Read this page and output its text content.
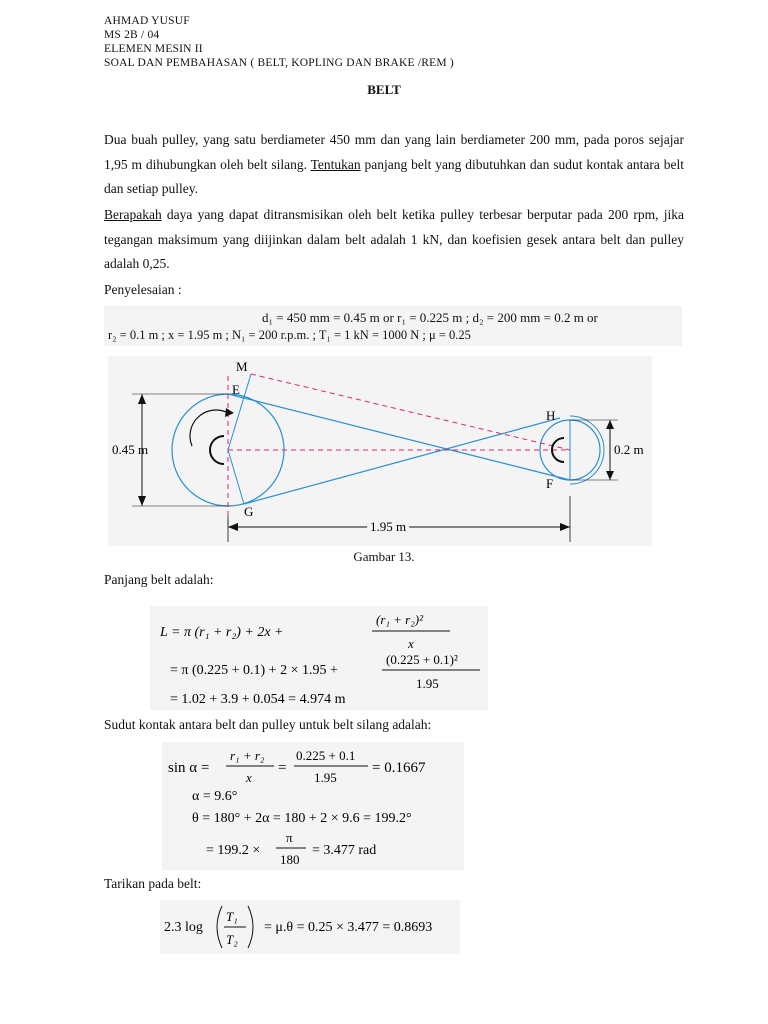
AHMAD YUSUF
MS 2B / 04
ELEMEN MESIN II
SOAL DAN PEMBAHASAN ( BELT, KOPLING DAN BRAKE /REM )
BELT
Dua buah pulley, yang satu berdiameter 450 mm dan yang lain berdiameter 200 mm, pada poros sejajar 1,95 m dihubungkan oleh belt silang. Tentukan panjang belt yang dibutuhkan dan sudut kontak antara belt dan setiap pulley.
Berapakah daya yang dapat ditransmisikan oleh belt ketika pulley terbesar berputar pada 200 rpm, jika tegangan maksimum yang diijinkan dalam belt adalah 1 kN, dan koefisien gesek antara belt dan pulley adalah 0,25.
Penyelesaian :
d₁ = 450 mm = 0.45 m or r₁ = 0.225 m ; d₂ = 200 mm = 0.2 m or
r₂ = 0.1 m ; x = 1.95 m ; N₁ = 200 r.p.m. ; T₁ = 1 kN = 1000 N ; μ = 0.25
M
E
G
H
F
0.45 m	0.2 m
1.95 m
Gambar 13.
Panjang belt adalah:
L = π (r₁ + r₂) + 2x +
(r₁ + r₂)²
x
= π (0.225 + 0.1) + 2 × 1.95 +
(0.225 + 0.1)²
1.95
= 1.02 + 3.9 + 0.054 = 4.974 m
Sudut kontak antara belt dan pulley untuk belt silang adalah:
sin α =
r₁ + r₂
x
=
0.225 + 0.1
1.95
= 0.1667
α = 9.6°
θ = 180° + 2α = 180 + 2 × 9.6 = 199.2°
= 199.2 ×
π
180
= 3.477 rad
Tarikan pada belt:
2.3 log
T₁
T₂
= μ.θ = 0.25 × 3.477 = 0.8693
